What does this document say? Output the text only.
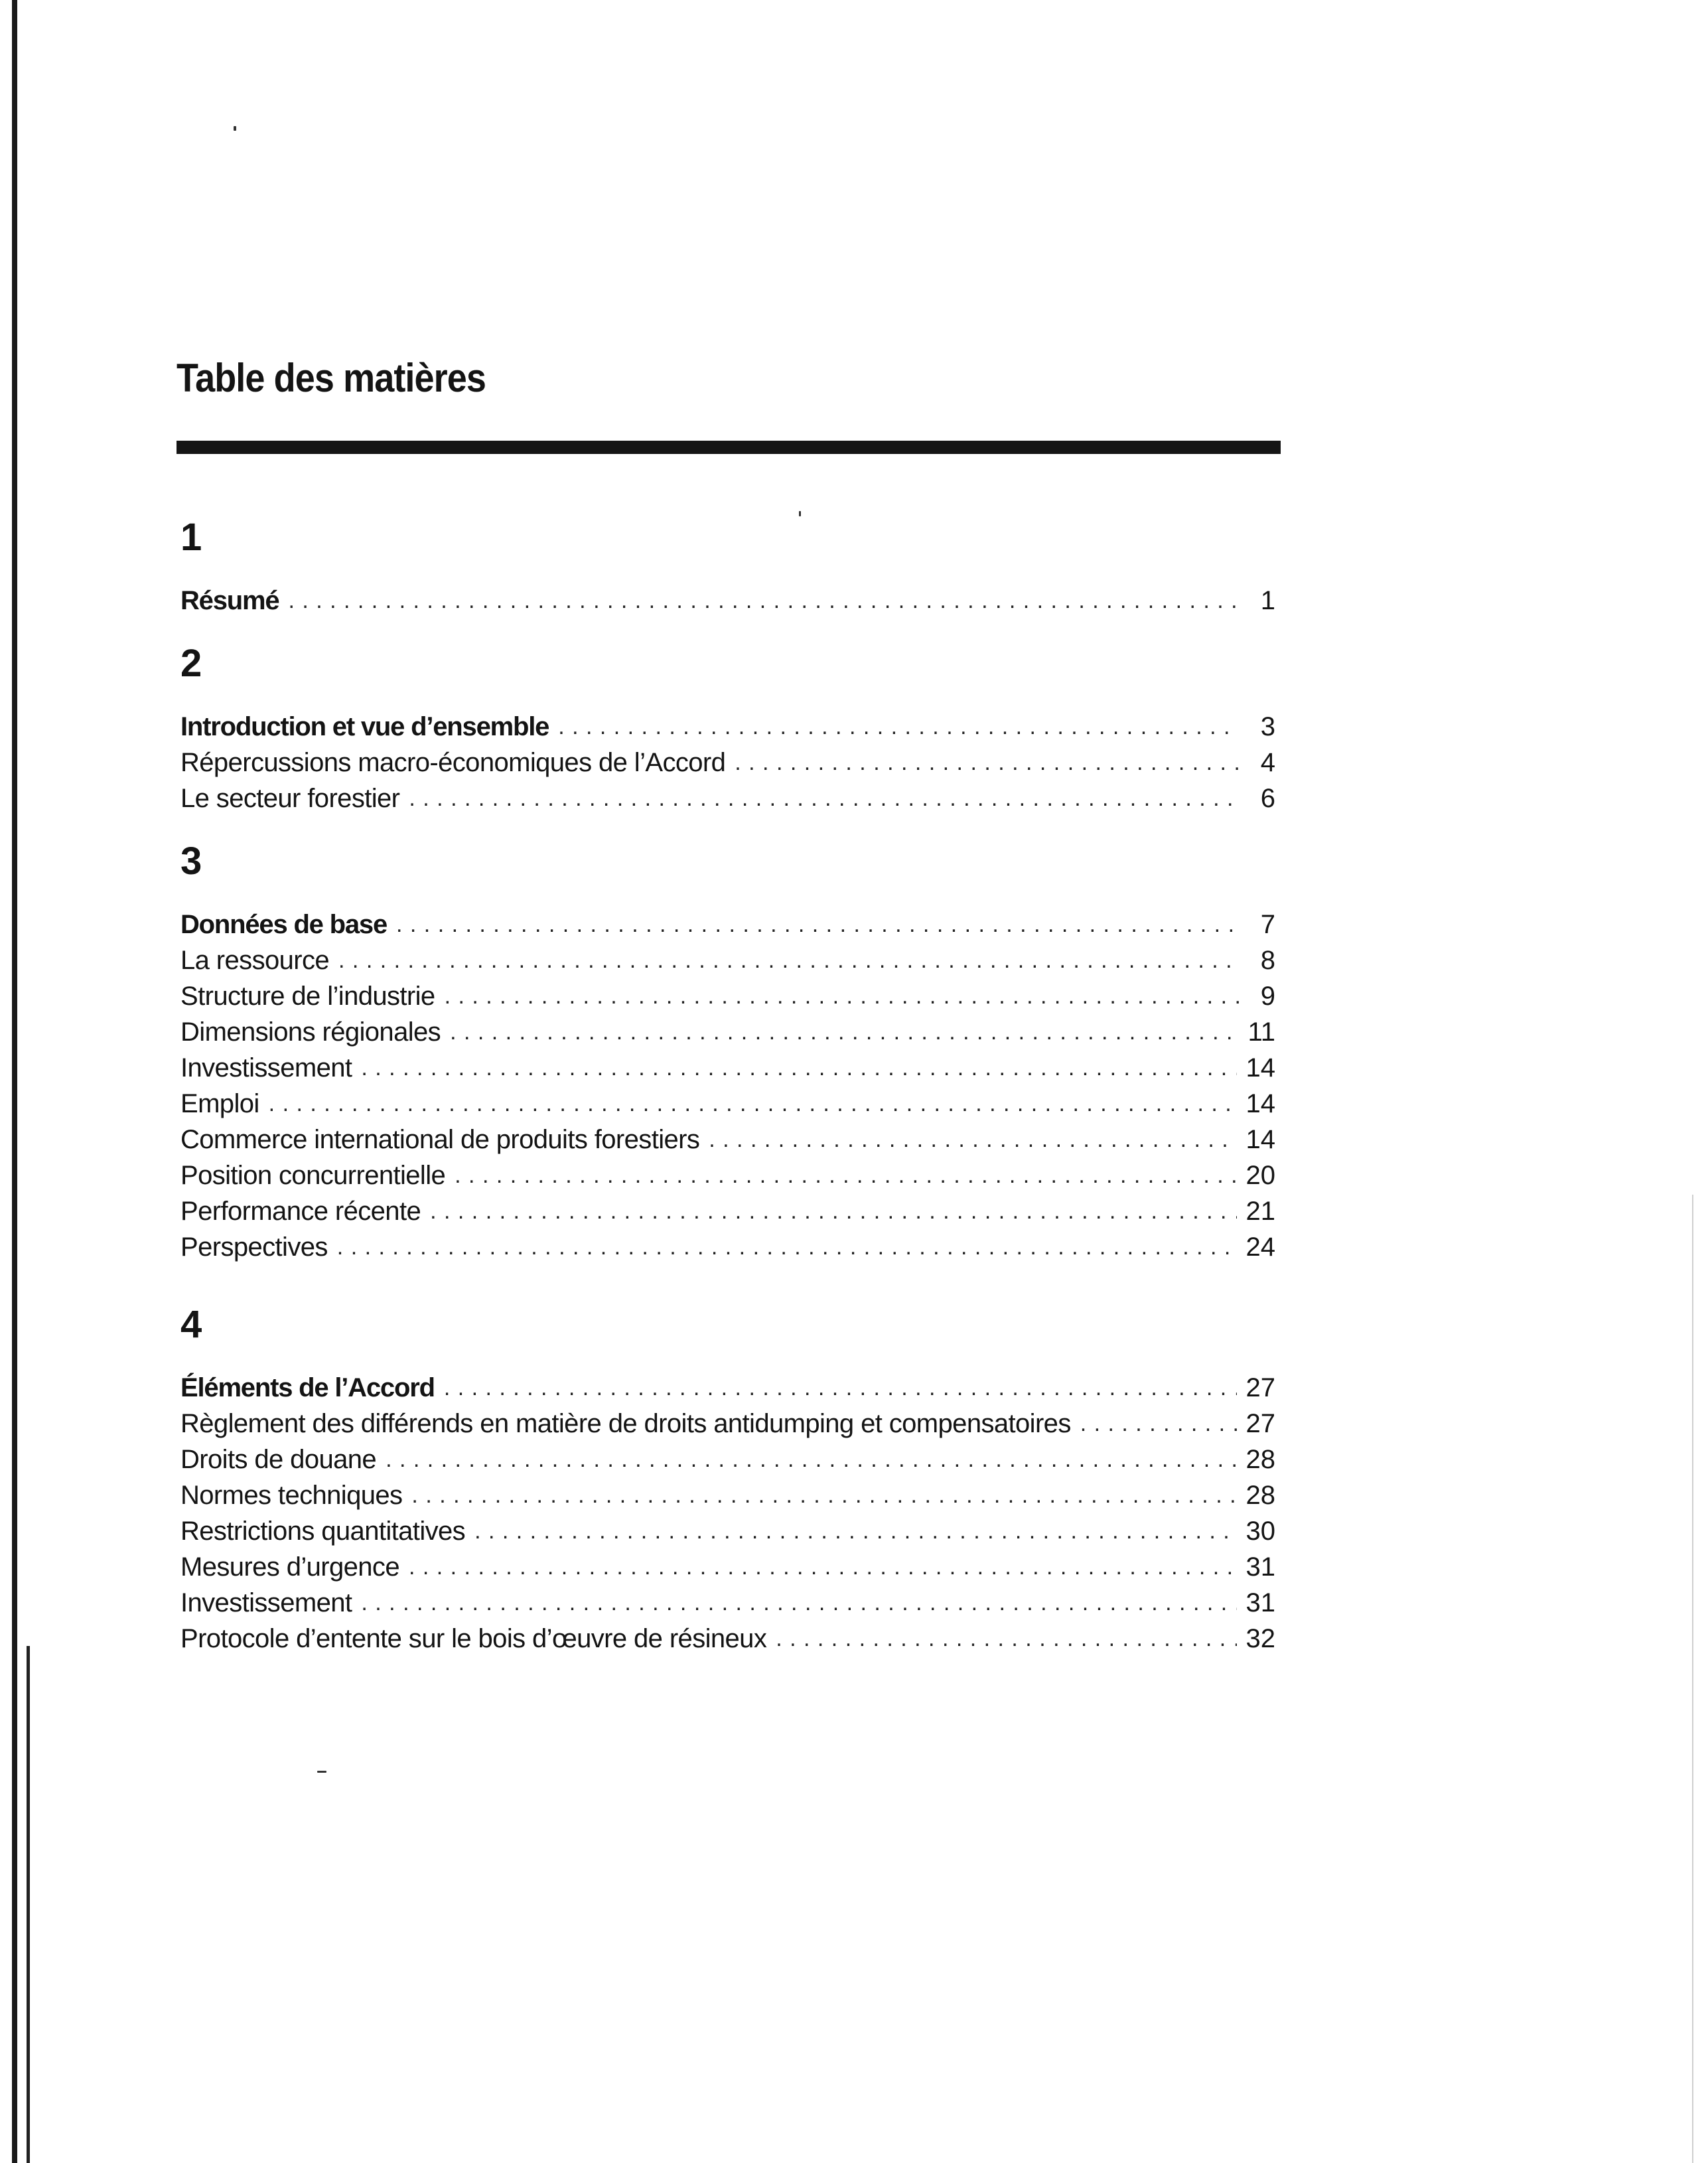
Table des matières
1
Résumé . . .	1
2
Introduction et vue d’ensemble . . .	3
Répercussions macro-économiques de l’Accord . . .	4
Le secteur forestier . . .	6
3
Données de base . . .	7
La ressource . . .	8
Structure de l’industrie . . .	9
Dimensions régionales . . .	11
Investissement . . .	14
Emploi . . .	14
Commerce international de produits forestiers . . .	14
Position concurrentielle . . .	20
Performance récente . . .	21
Perspectives . . .	24
4
Éléments de l’Accord . . .	27
Règlement des différends en matière de droits antidumping et compensatoires . . .	27
Droits de douane . . .	28
Normes techniques . . .	28
Restrictions quantitatives . . .	30
Mesures d’urgence . . .	31
Investissement . . .	31
Protocole d’entente sur le bois d’œuvre de résineux . . .	32
